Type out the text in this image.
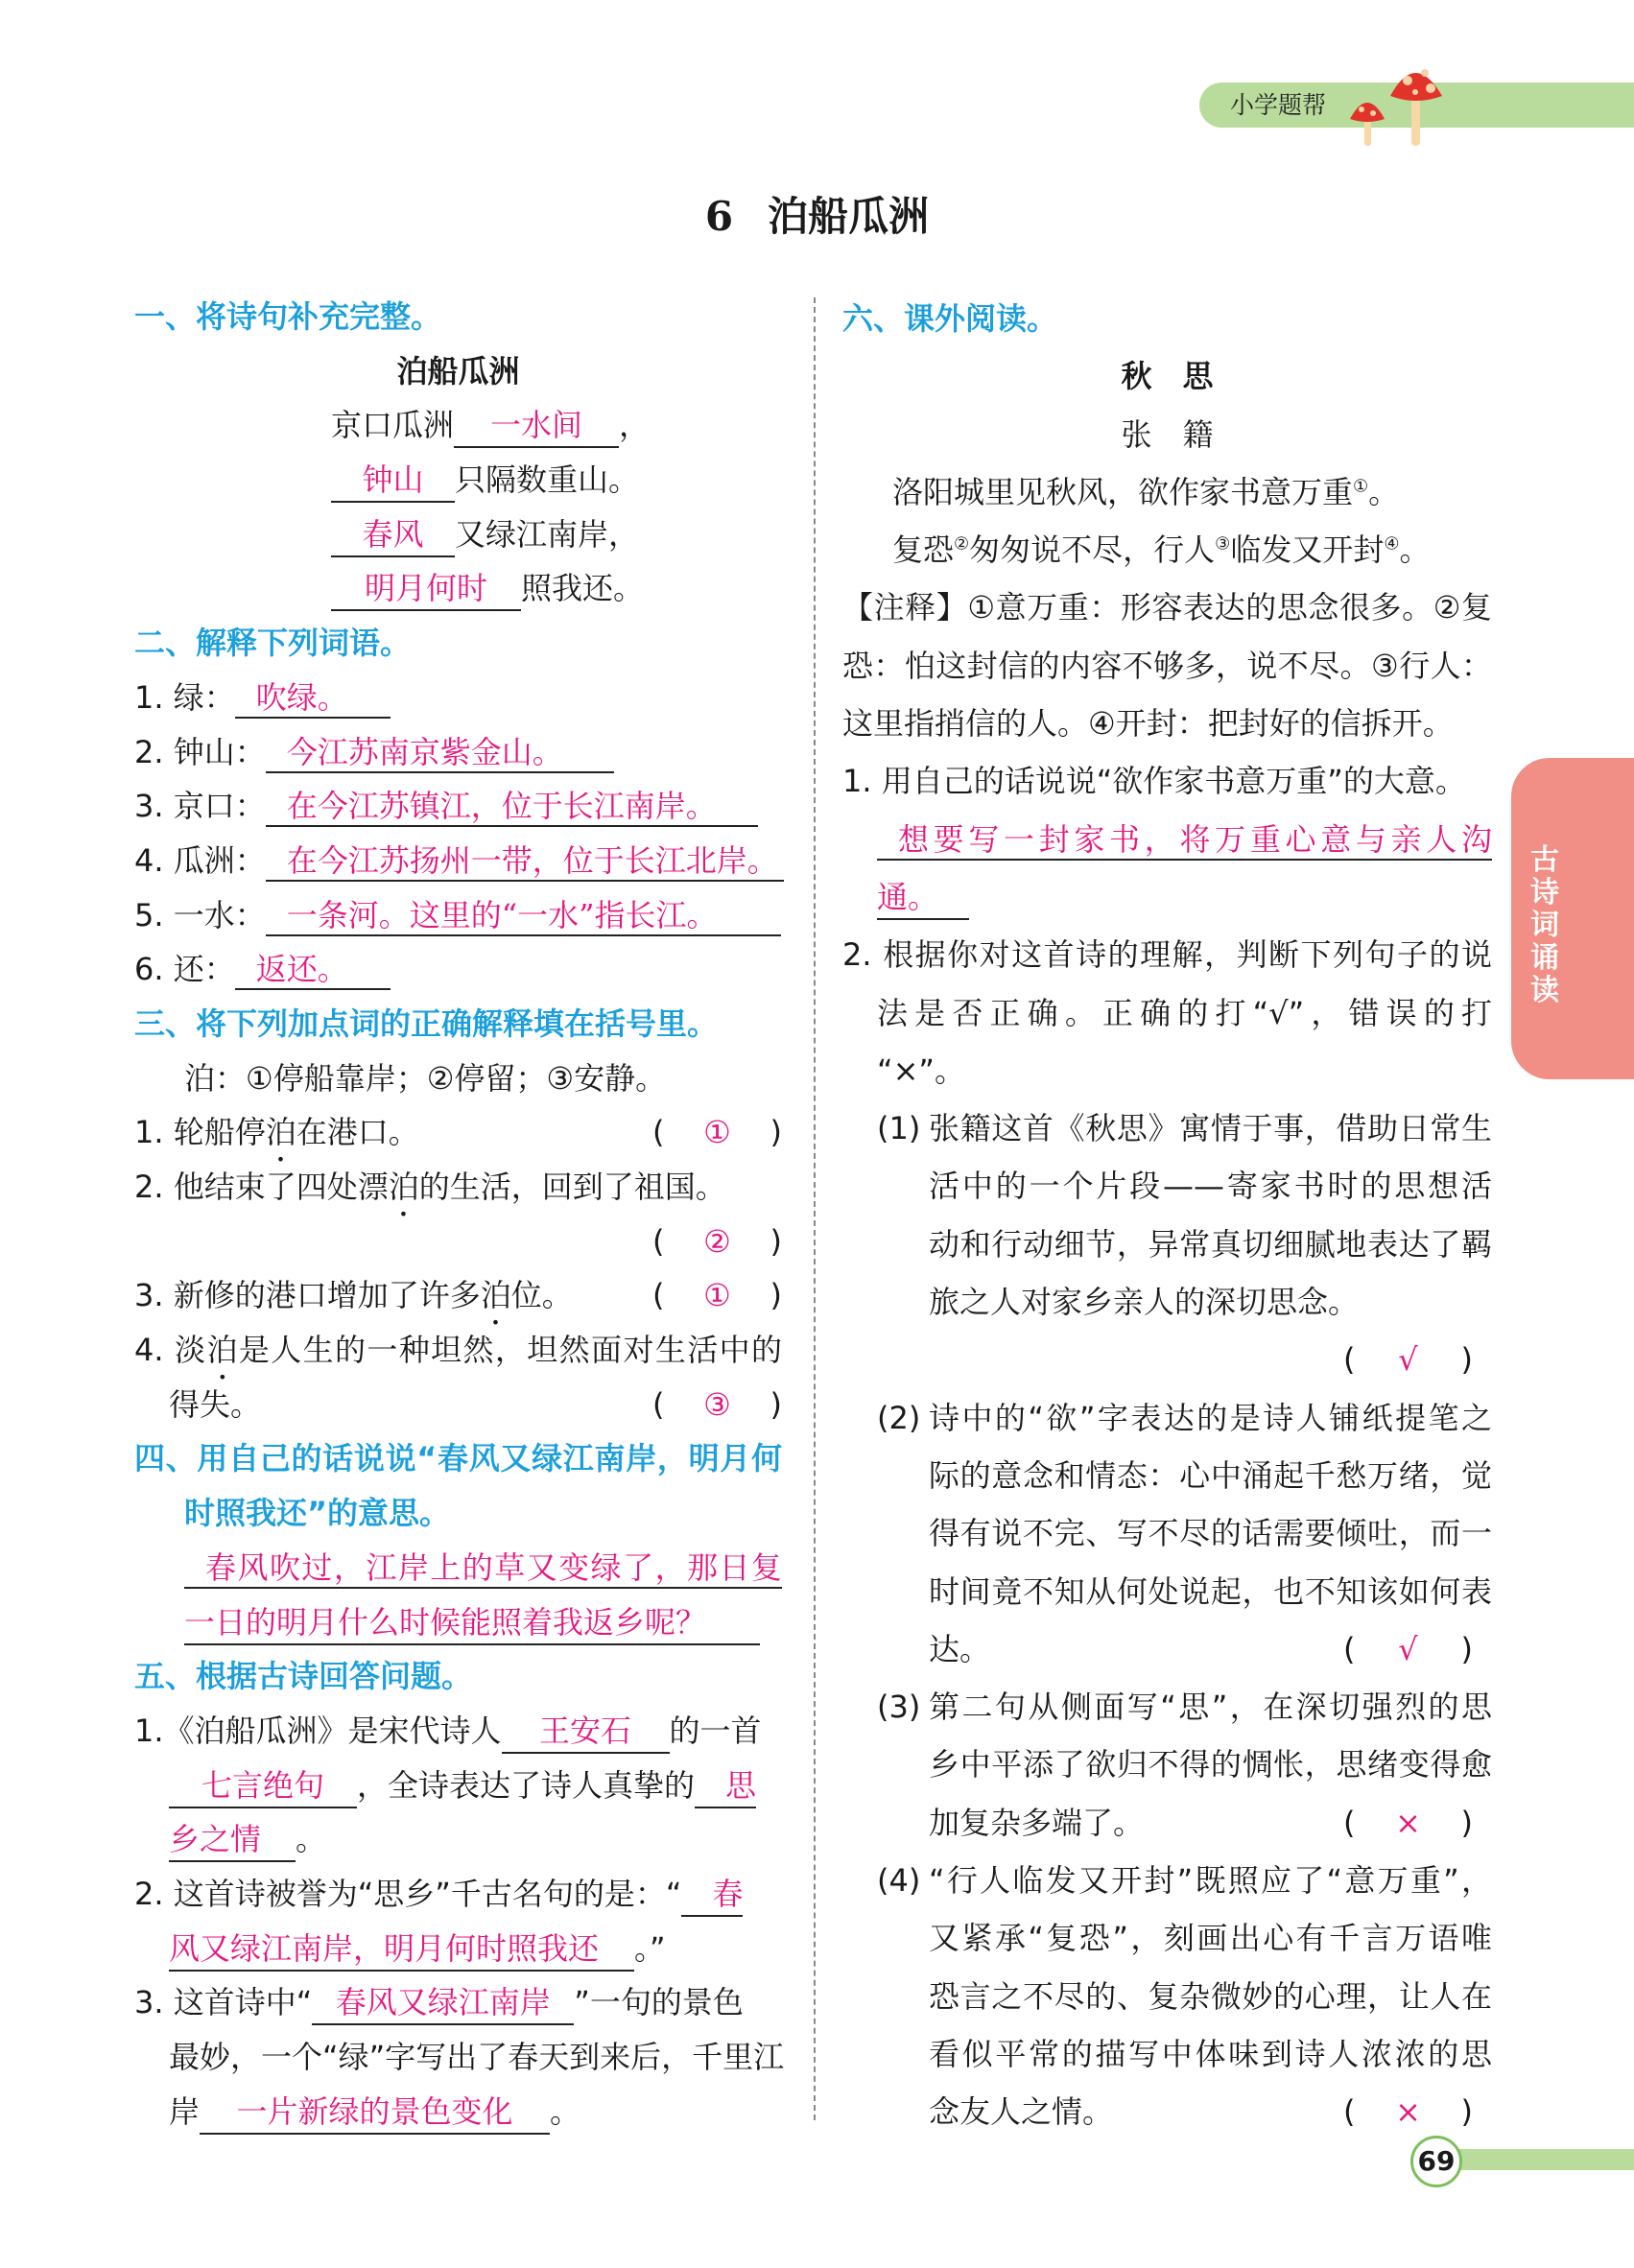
小学题帮
6 泊船瓜洲
古诗词诵读
69
一、将诗句补充完整。
泊船瓜洲
京口瓜洲 一水间 ，
钟山 只隔数重山。
春风 又绿江南岸，
明月何时 照我还。
二、解释下列词语。
1. 绿： 吹绿。
2. 钟山： 今江苏南京紫金山。
3. 京口： 在今江苏镇江，位于长江南岸。
4. 瓜洲： 在今江苏扬州一带，位于长江北岸。
5. 一水： 一条河。这里的“一水”指长江。
6. 还： 返还。
三、将下列加点词的正确解释填在括号里。
泊：①停船靠岸；②停留；③安静。
1. 轮船停泊在港口。	( ① )
2. 他结束了四处漂泊的生活，回到了祖国。
( ② )
3. 新修的港口增加了许多泊位。	( ① )
4. 淡泊是人生的一种坦然，坦然面对生活中的
得失。	( ③ )
四、用自己的话说说“春风又绿江南岸，明月何
时照我还”的意思。
春风吹过，江岸上的草又变绿了，那日复
一日的明月什么时候能照着我返乡呢？
五、根据古诗回答问题。
1.《泊船瓜洲》是宋代诗人 王安石 的一首
七言绝句 ，全诗表达了诗人真挚的 思
乡之情 。
2. 这首诗被誉为“思乡”千古名句的是：“ 春
风又绿江南岸，明月何时照我还 。”
3. 这首诗中“ 春风又绿江南岸 ”一句的景色
最妙，一个“绿”字写出了春天到来后，千里江
岸 一片新绿的景色变化 。
六、课外阅读。
秋　思
张　籍
洛阳城里见秋风，欲作家书意万重①。
复恐②匆匆说不尽，行人③临发又开封④。
【注释】①意万重：形容表达的思念很多。②复
恐：怕这封信的内容不够多，说不尽。③行人：
这里指捎信的人。④开封：把封好的信拆开。
1. 用自己的话说说“欲作家书意万重”的大意。
想要写一封家书，将万重心意与亲人沟
通。
2. 根据你对这首诗的理解，判断下列句子的说
法是否正确。正确的打“√”，错误的打
“×”。
(1) 张籍这首《秋思》寓情于事，借助日常生
活中的一个片段——寄家书时的思想活
动和行动细节，异常真切细腻地表达了羁
旅之人对家乡亲人的深切思念。
( √ )
(2) 诗中的“欲”字表达的是诗人铺纸提笔之
际的意念和情态：心中涌起千愁万绪，觉
得有说不完、写不尽的话需要倾吐，而一
时间竟不知从何处说起，也不知该如何表
达。	( √ )
(3) 第二句从侧面写“思”，在深切强烈的思
乡中平添了欲归不得的惆怅，思绪变得愈
加复杂多端了。	( × )
(4) “行人临发又开封”既照应了“意万重”，
又紧承“复恐”，刻画出心有千言万语唯
恐言之不尽的、复杂微妙的心理，让人在
看似平常的描写中体味到诗人浓浓的思
念友人之情。	( × )
